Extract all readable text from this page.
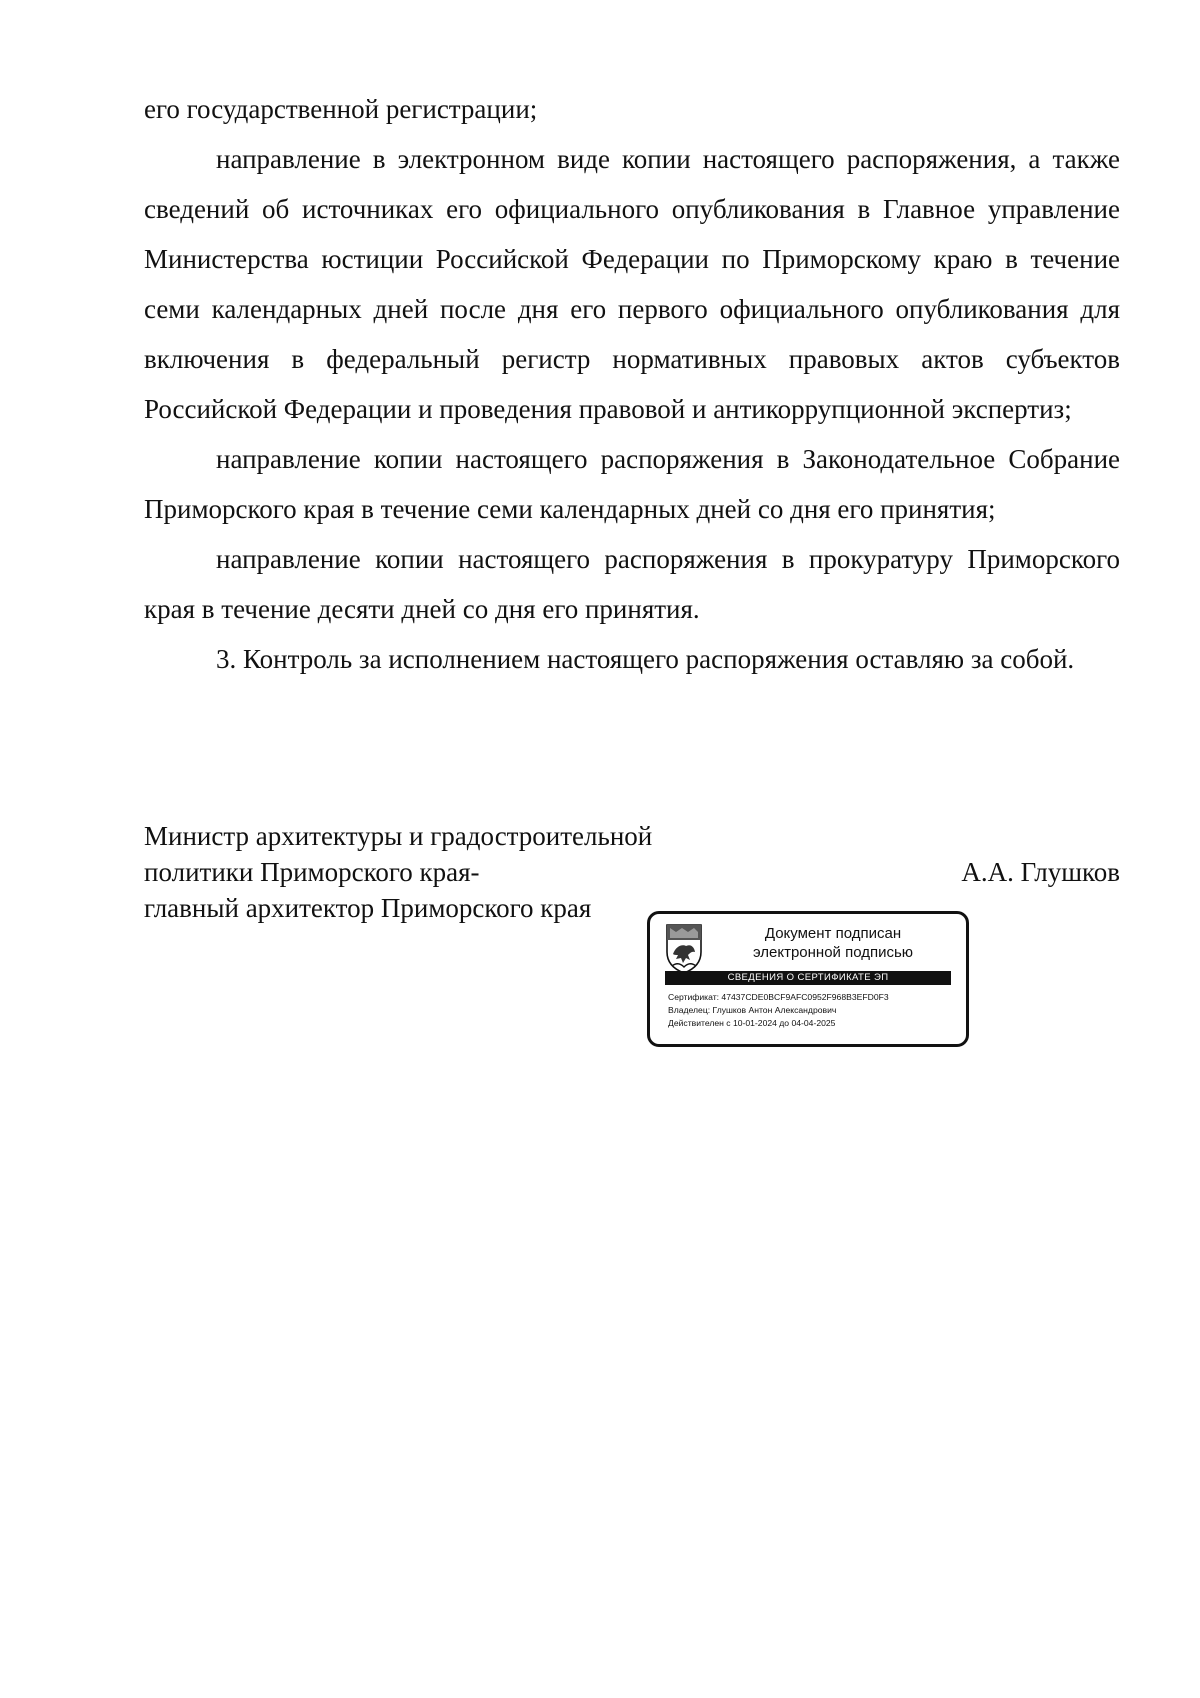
его государственной регистрации;

направление в электронном виде копии настоящего распоряжения, а также сведений об источниках его официального опубликования в Главное управление Министерства юстиции Российской Федерации по Приморскому краю в течение семи календарных дней после дня его первого официального опубликования для включения в федеральный регистр нормативных правовых актов субъектов Российской Федерации и проведения правовой и антикоррупционной экспертиз;

направление копии настоящего распоряжения в Законодательное Собрание Приморского края в течение семи календарных дней со дня его принятия;

направление копии настоящего распоряжения в прокуратуру Приморского края в течение десяти дней со дня его принятия.

3. Контроль за исполнением настоящего распоряжения оставляю за собой.

Министр архитектуры и градостроительной
политики Приморского края-
главный архитектор Приморского края
А.А. Глушков
Документ подписан
электронной подписью
СВЕДЕНИЯ О СЕРТИФИКАТЕ ЭП
Сертификат: 47437CDE0BCF9AFC0952F968B3EFD0F3
Владелец: Глушков Антон Александрович
Действителен с 10-01-2024 до 04-04-2025
